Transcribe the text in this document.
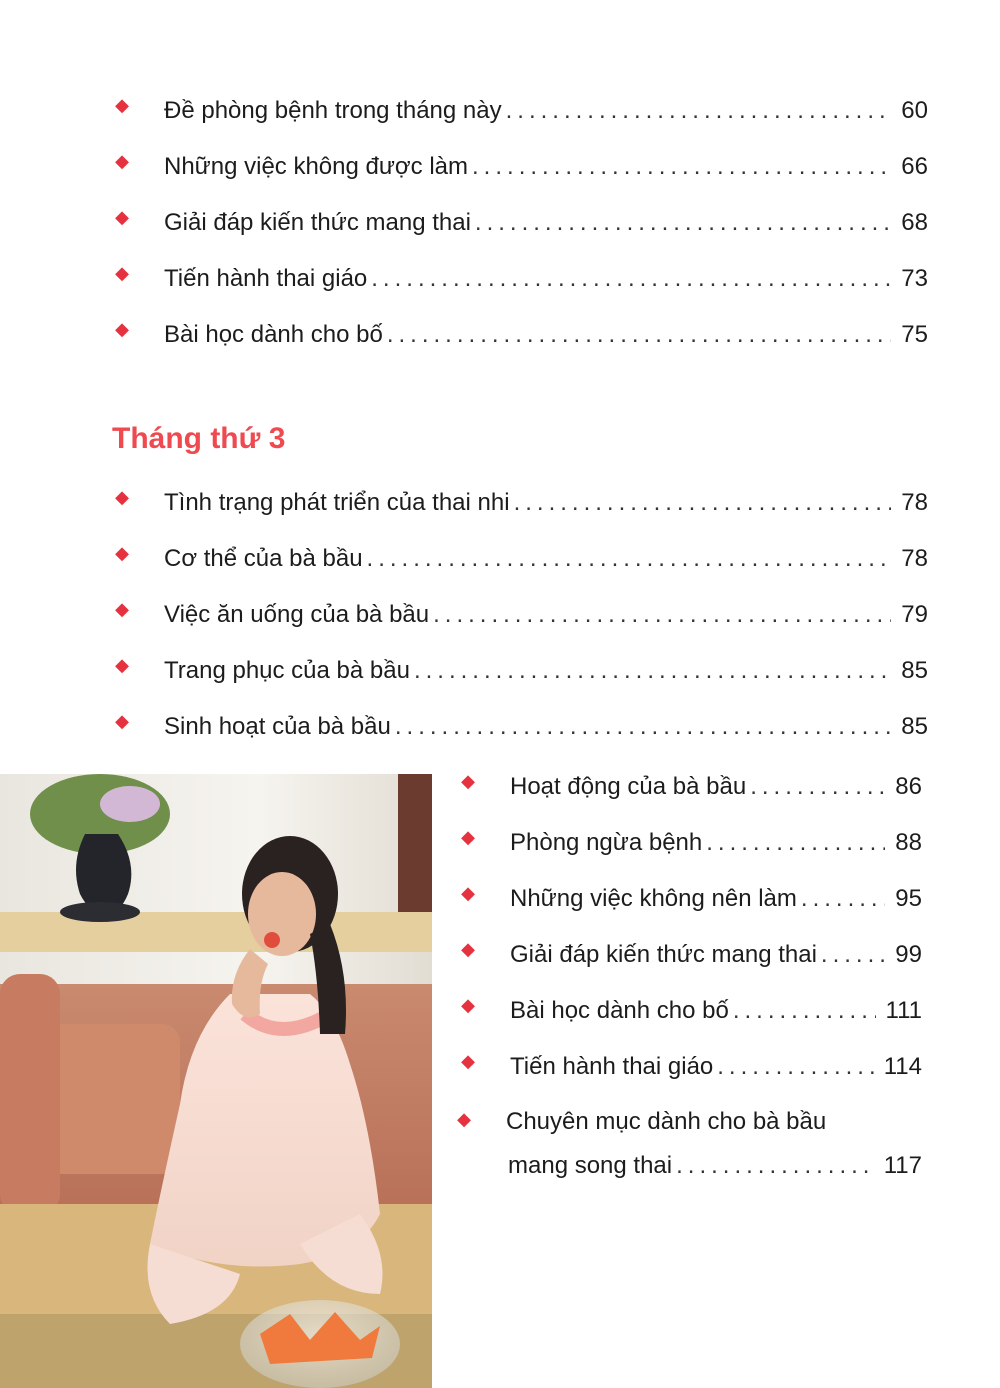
◆ Đề phòng bệnh trong tháng này .....	60
◆ Những việc không được làm .....	66
◆ Giải đáp kiến thức mang thai .....	68
◆ Tiến hành thai giáo .....	73
◆ Bài học dành cho bố .....	75
Tháng thứ 3
◆ Tình trạng phát triển của thai nhi .....	78
◆ Cơ thể của bà bầu .....	78
◆ Việc ăn uống của bà bầu .....	79
◆ Trang phục của bà bầu .....	85
◆ Sinh hoạt của bà bầu .....	85
◆ Hoạt động của bà bầu .....	86
◆ Phòng ngừa bệnh .....	88
◆ Những việc không nên làm .....	95
◆ Giải đáp kiến thức mang thai .....	99
◆ Bài học dành cho bố .....	111
◆ Tiến hành thai giáo .....	114
◆ Chuyên mục dành cho bà bầu
mang song thai .....	117
